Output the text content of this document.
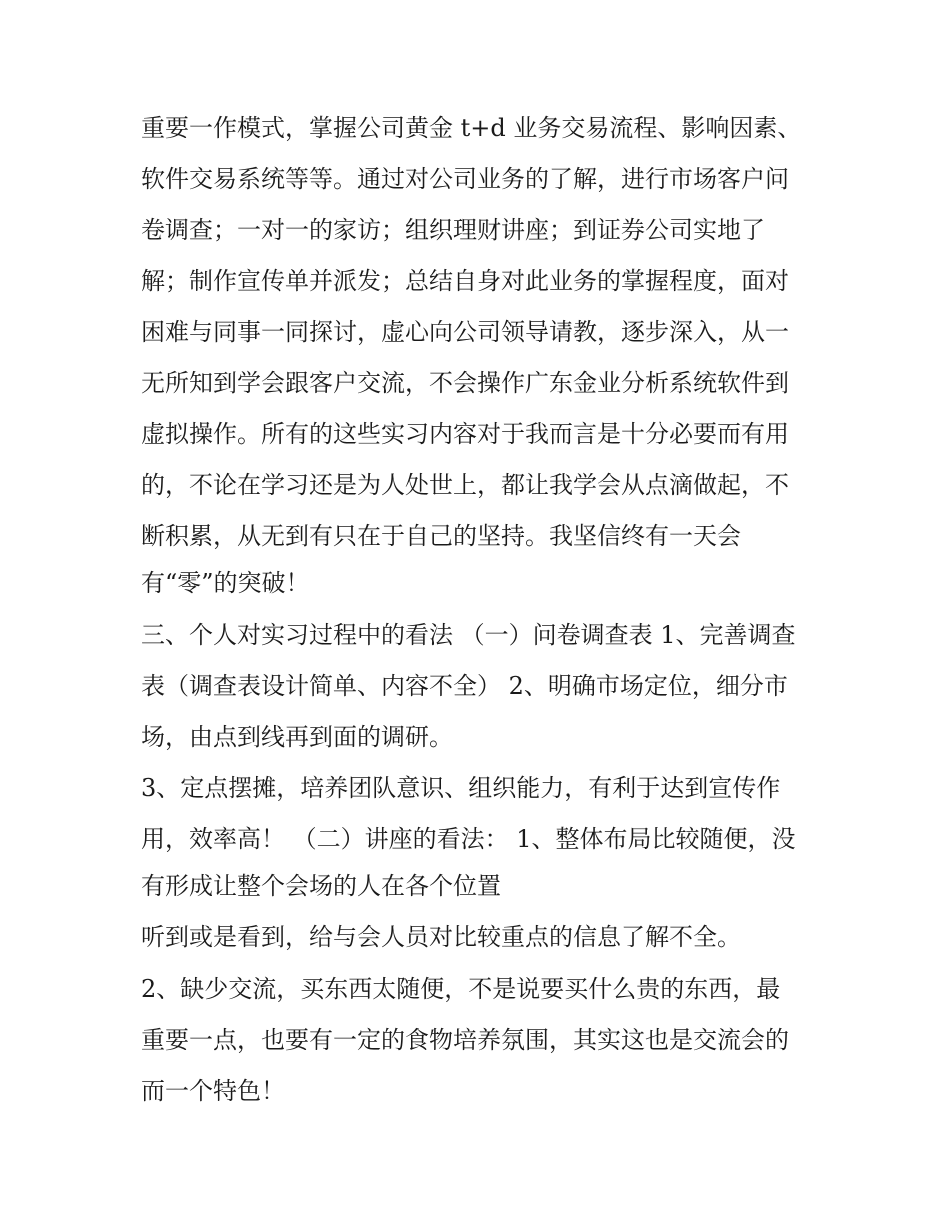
重要一作模式，掌握公司黄金 t+d 业务交易流程、影响因素、
软件交易系统等等。通过对公司业务的了解，进行市场客户问
卷调查；一对一的家访；组织理财讲座；到证券公司实地了
解；制作宣传单并派发；总结自身对此业务的掌握程度，面对
困难与同事一同探讨，虚心向公司领导请教，逐步深入，从一
无所知到学会跟客户交流，不会操作广东金业分析系统软件到
虚拟操作。所有的这些实习内容对于我而言是十分必要而有用
的，不论在学习还是为人处世上，都让我学会从点滴做起，不
断积累，从无到有只在于自己的坚持。我坚信终有一天会
有“零”的突破！
三、个人对实习过程中的看法 （一）问卷调查表 1、完善调查
表（调查表设计简单、内容不全） 2、明确市场定位，细分市
场，由点到线再到面的调研。
3、定点摆摊，培养团队意识、组织能力，有利于达到宣传作
用，效率高！ （二）讲座的看法： 1、整体布局比较随便，没
有形成让整个会场的人在各个位置
听到或是看到，给与会人员对比较重点的信息了解不全。
2、缺少交流，买东西太随便，不是说要买什么贵的东西，最
重要一点，也要有一定的食物培养氛围，其实这也是交流会的
而一个特色！
